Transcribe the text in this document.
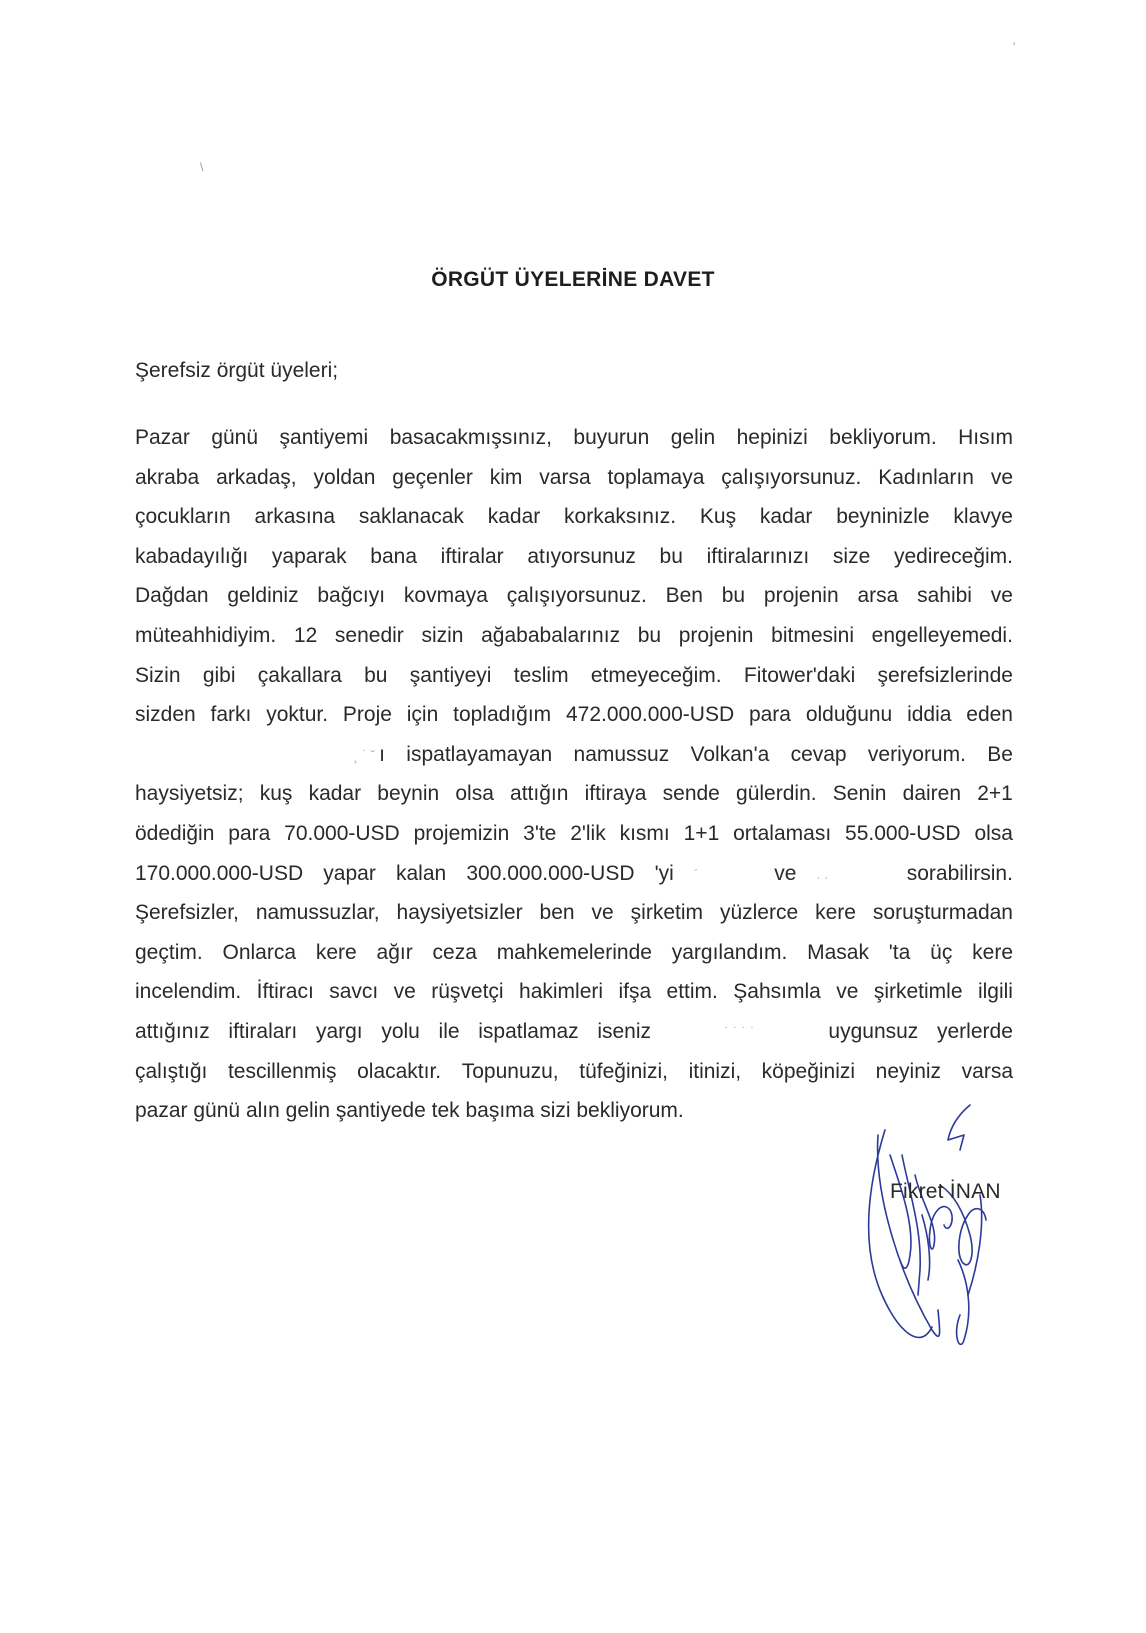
\
'
ÖRGÜT ÜYELERİNE DAVET
Şerefsiz örgüt üyeleri;
Pazar günü şantiyemi basacakmışsınız, buyurun gelin hepinizi bekliyorum. Hısım
akraba arkadaş, yoldan geçenler kim varsa toplamaya çalışıyorsunuz. Kadınların ve
çocukların arkasına saklanacak kadar korkaksınız. Kuş kadar beyninizle klavye
kabadayılığı yaparak bana iftiralar atıyorsunuz bu iftiralarınızı size yedireceğim.
Dağdan geldiniz bağcıyı kovmaya çalışıyorsunuz. Ben bu projenin arsa sahibi ve
müteahhidiyim. 12 senedir sizin ağababalarınız bu projenin bitmesini engelleyemedi.
Sizin gibi çakallara bu şantiyeyi teslim etmeyeceğim. Fitower'daki şerefsizlerinde
sizden farkı yoktur. Proje için topladığım 472.000.000-USD para olduğunu iddia eden
¸ ˙ ˘ ı ispatlayamayan namussuz Volkan'a cevap veriyorum. Be
haysiyetsiz; kuş kadar beynin olsa attığın iftiraya sende gülerdin. Senin dairen 2+1
ödediğin para 70.000-USD projemizin 3'te 2'lik kısmı 1+1 ortalaması 55.000-USD olsa
170.000.000-USD yapar kalan 300.000.000-USD 'yi ´	ve . .	sorabilirsin.
Şerefsizler, namussuzlar, haysiyetsizler ben ve şirketim yüzlerce kere soruşturmadan
geçtim. Onlarca kere ağır ceza mahkemelerinde yargılandım. Masak 'ta üç kere
incelendim. İftiracı savcı ve rüşvetçi hakimleri ifşa ettim. Şahsımla ve şirketimle ilgili
attığınız iftiraları yargı yolu ile ispatlamaz iseniz	˙ ˙ ˙ ˙	uygunsuz yerlerde
çalıştığı tescillenmiş olacaktır. Topunuzu, tüfeğinizi, itinizi, köpeğinizi neyiniz varsa
pazar
günü
alın
gelin
şantiyede
tek
başıma
sizi
bekliyorum.
Fikret İNAN
